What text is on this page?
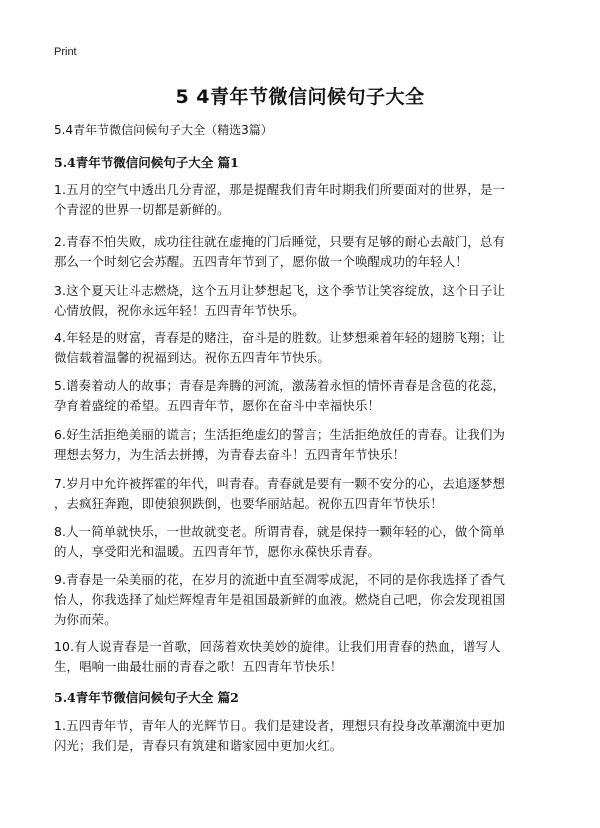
Print
5 4青年节微信问候句子大全
5.4青年节微信问候句子大全（精选3篇）
5.4青年节微信问候句子大全 篇1
1.五月的空气中透出几分青涩，那是提醒我们青年时期我们所要面对的世界，是一
个青涩的世界一切都是新鲜的。
2.青春不怕失败，成功往往就在虚掩的门后睡觉，只要有足够的耐心去敲门，总有
那么一个时刻它会苏醒。五四青年节到了，愿你做一个唤醒成功的年轻人！
3.这个夏天让斗志燃烧，这个五月让梦想起飞，这个季节让笑容绽放，这个日子让
心情放假，祝你永远年轻！五四青年节快乐。
4.年轻是的财富，青春是的赌注，奋斗是的胜数。让梦想乘着年轻的翅膀飞翔；让
微信载着温馨的祝福到达。祝你五四青年节快乐。
5.谱奏着动人的故事；青春是奔腾的河流，激荡着永恒的情怀青春是含苞的花蕊，
孕育着盛绽的希望。五四青年节，愿你在奋斗中幸福快乐！
6.好生活拒绝美丽的谎言；生活拒绝虚幻的誓言；生活拒绝放任的青春。让我们为
理想去努力，为生活去拼搏，为青春去奋斗！五四青年节快乐！
7.岁月中允许被挥霍的年代，叫青春。青春就是要有一颗不安分的心，去追逐梦想
，去疯狂奔跑，即使狼狈跌倒，也要华丽站起。祝你五四青年节快乐！
8.人一简单就快乐，一世故就变老。所谓青春，就是保持一颗年轻的心，做个简单
的人，享受阳光和温暖。五四青年节，愿你永葆快乐青春。
9.青春是一朵美丽的花，在岁月的流逝中直至凋零成泥，不同的是你我选择了香气
怡人，你我选择了灿烂辉煌青年是祖国最新鲜的血液。燃烧自己吧，你会发现祖国
为你而荣。
10.有人说青春是一首歌，回荡着欢快美妙的旋律。让我们用青春的热血，谱写人
生，唱响一曲最壮丽的青春之歌！五四青年节快乐！
5.4青年节微信问候句子大全 篇2
1.五四青年节，青年人的光辉节日。我们是建设者，理想只有投身改革潮流中更加
闪光；我们是，青春只有筑建和谐家园中更加火红。
